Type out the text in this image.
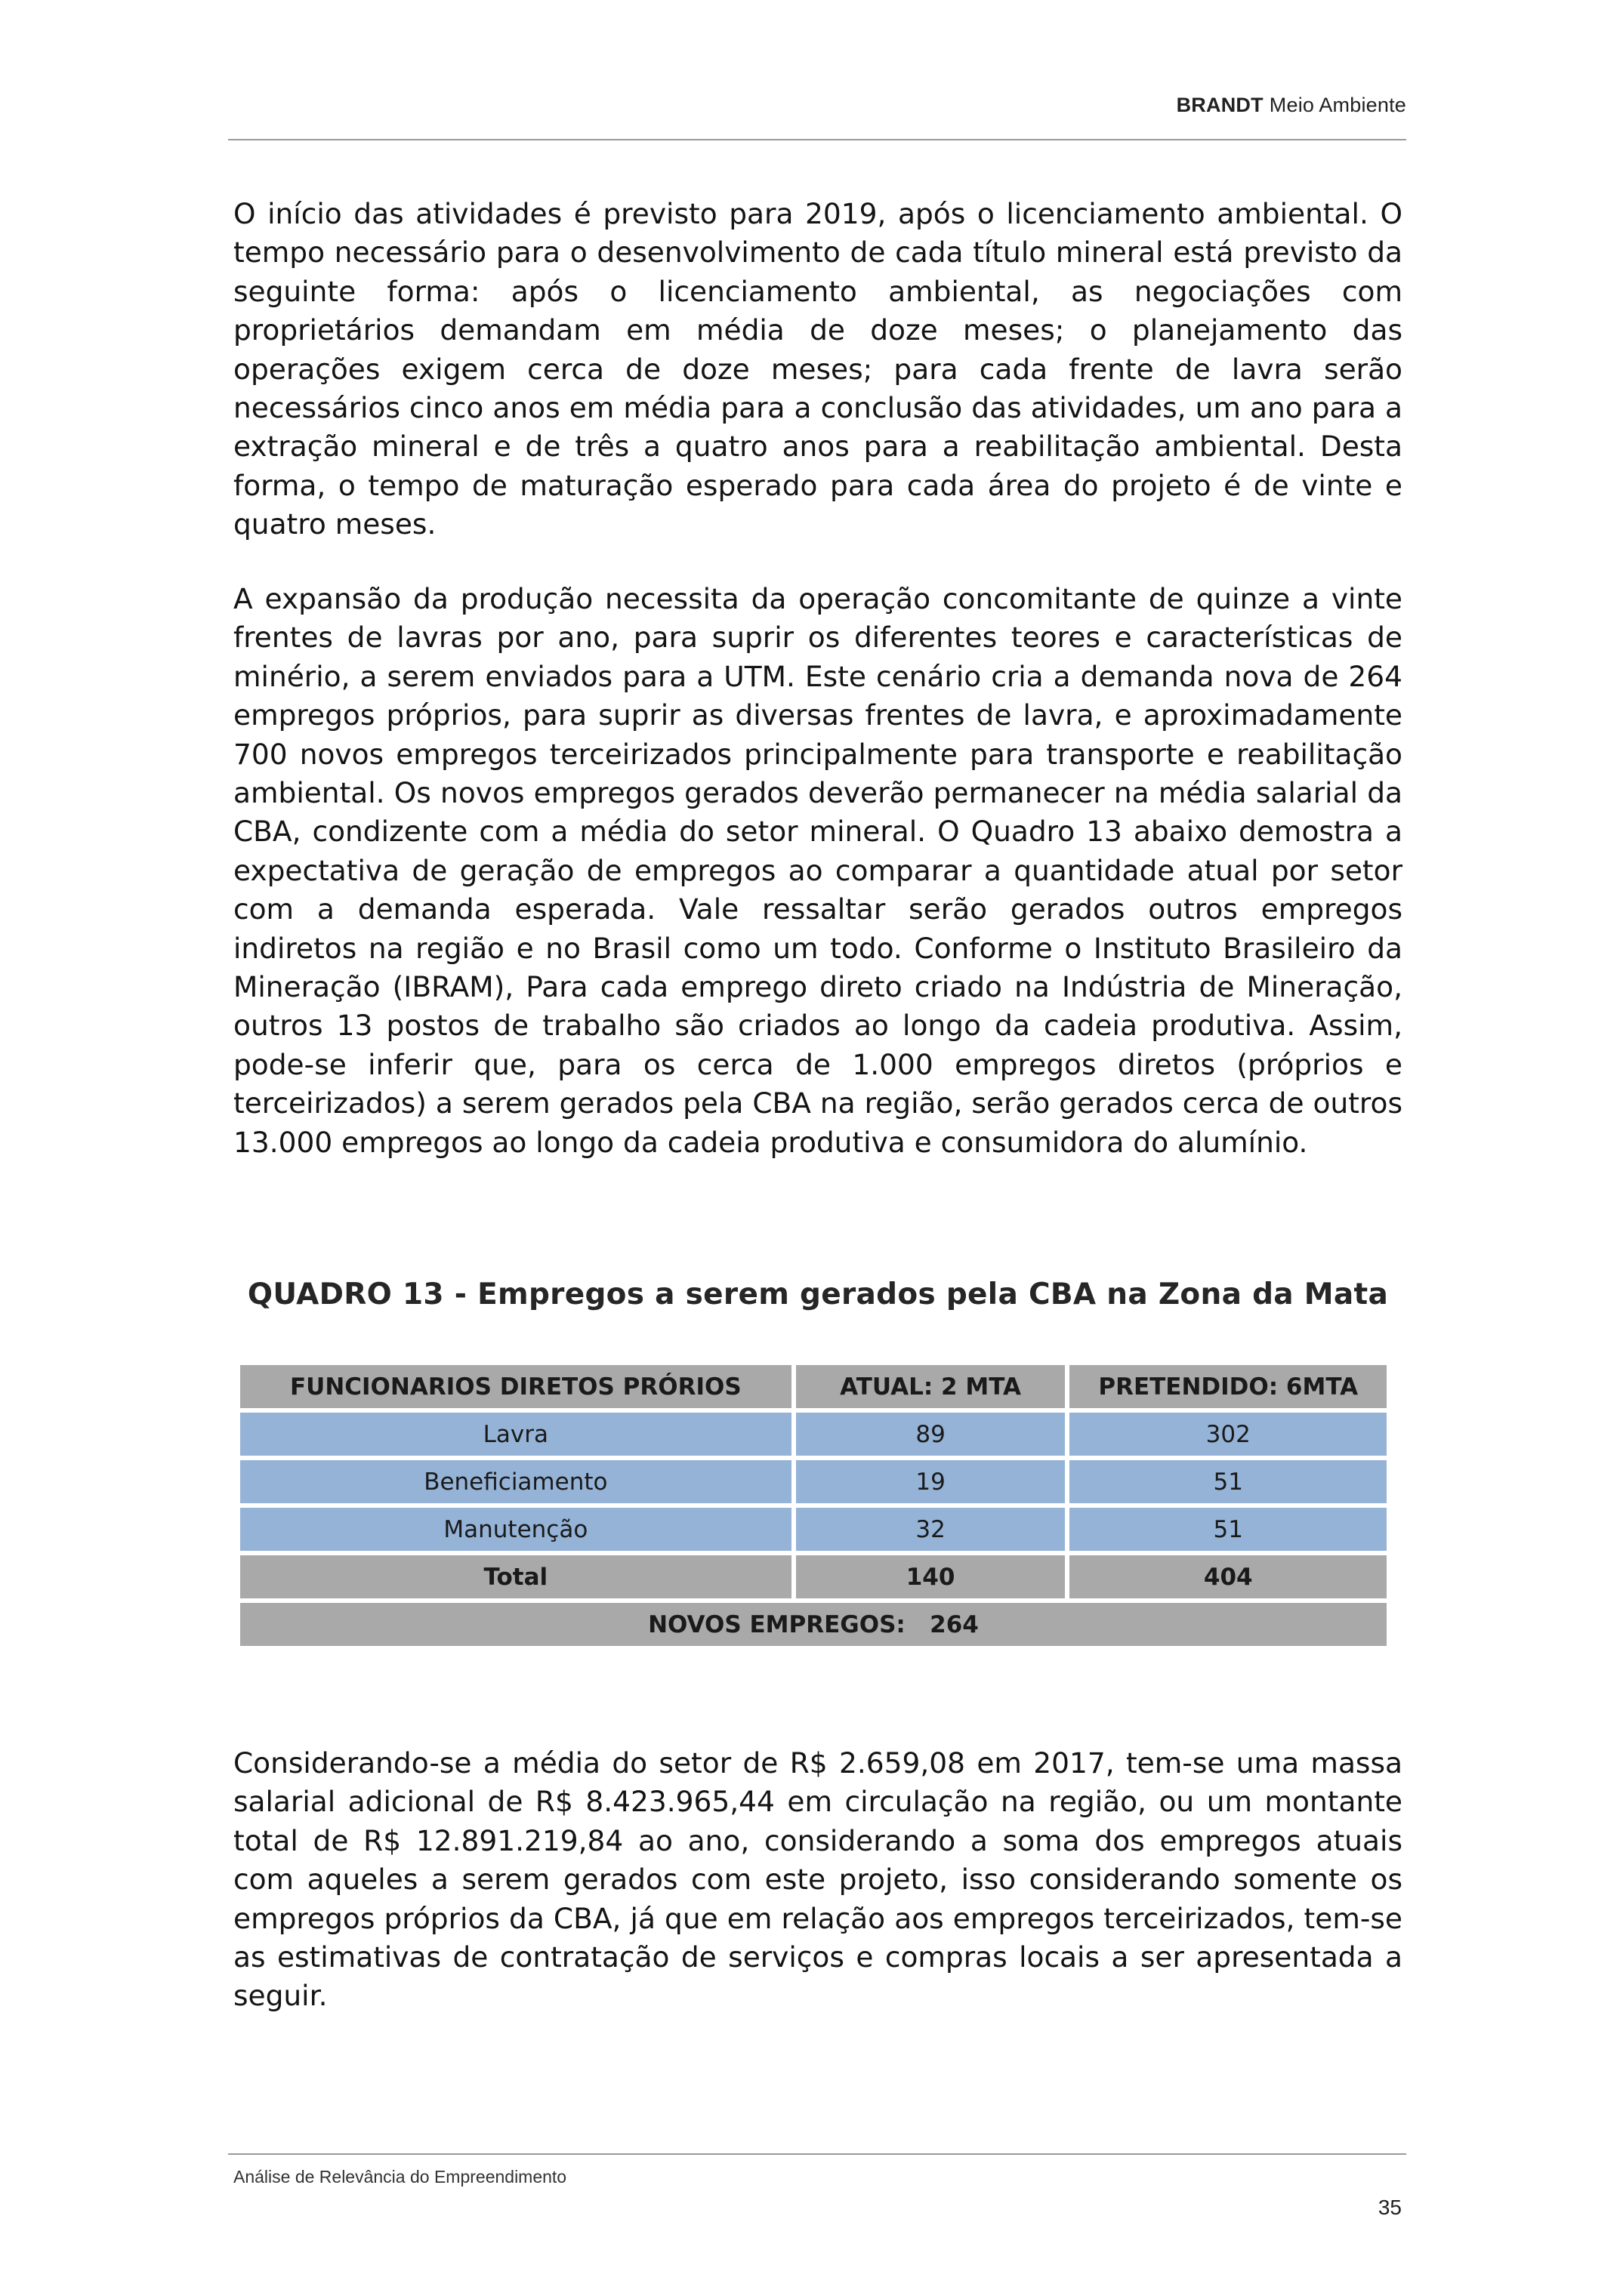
BRANDT Meio Ambiente
O início das atividades é previsto para 2019, após o licenciamento ambiental. O tempo necessário para o desenvolvimento de cada título mineral está previsto da seguinte forma: após o licenciamento ambiental, as negociações com proprietários demandam em média de doze meses; o planejamento das operações exigem cerca de doze meses; para cada frente de lavra serão necessários cinco anos em média para a conclusão das atividades, um ano para a extração mineral e de três a quatro anos para a reabilitação ambiental. Desta forma, o tempo de maturação esperado para cada área do projeto é de vinte e quatro meses.
A expansão da produção necessita da operação concomitante de quinze a vinte frentes de lavras por ano, para suprir os diferentes teores e características de minério, a serem enviados para a UTM. Este cenário cria a demanda nova de 264 empregos próprios, para suprir as diversas frentes de lavra, e aproximadamente 700 novos empregos terceirizados principalmente para transporte e reabilitação ambiental. Os novos empregos gerados deverão permanecer na média salarial da CBA, condizente com a média do setor mineral. O Quadro 13 abaixo demostra a expectativa de geração de empregos ao comparar a quantidade atual por setor com a demanda esperada. Vale ressaltar serão gerados outros empregos indiretos na região e no Brasil como um todo. Conforme o Instituto Brasileiro da Mineração (IBRAM), Para cada emprego direto criado na Indústria de Mineração, outros 13 postos de trabalho são criados ao longo da cadeia produtiva. Assim, pode-se inferir que, para os cerca de 1.000 empregos diretos (próprios e terceirizados) a serem gerados pela CBA na região, serão gerados cerca de outros 13.000 empregos ao longo da cadeia produtiva e consumidora do alumínio.
QUADRO 13 - Empregos a serem gerados pela CBA na Zona da Mata
FUNCIONARIOS DIRETOS PRÓRIOS	ATUAL: 2 MTA	PRETENDIDO: 6MTA
Lavra	89	302
Beneficiamento	19	51
Manutenção	32	51
Total	140	404
NOVOS EMPREGOS:   264		
Considerando-se a média do setor de R$ 2.659,08 em 2017, tem-se uma massa salarial adicional de R$ 8.423.965,44 em circulação na região, ou um montante total de R$ 12.891.219,84 ao ano, considerando a soma dos empregos atuais com aqueles a serem gerados com este projeto, isso considerando somente os empregos próprios da CBA, já que em relação aos empregos terceirizados, tem-se as estimativas de contratação de serviços e compras locais a ser apresentada a seguir.
Análise de Relevância do Empreendimento
35
